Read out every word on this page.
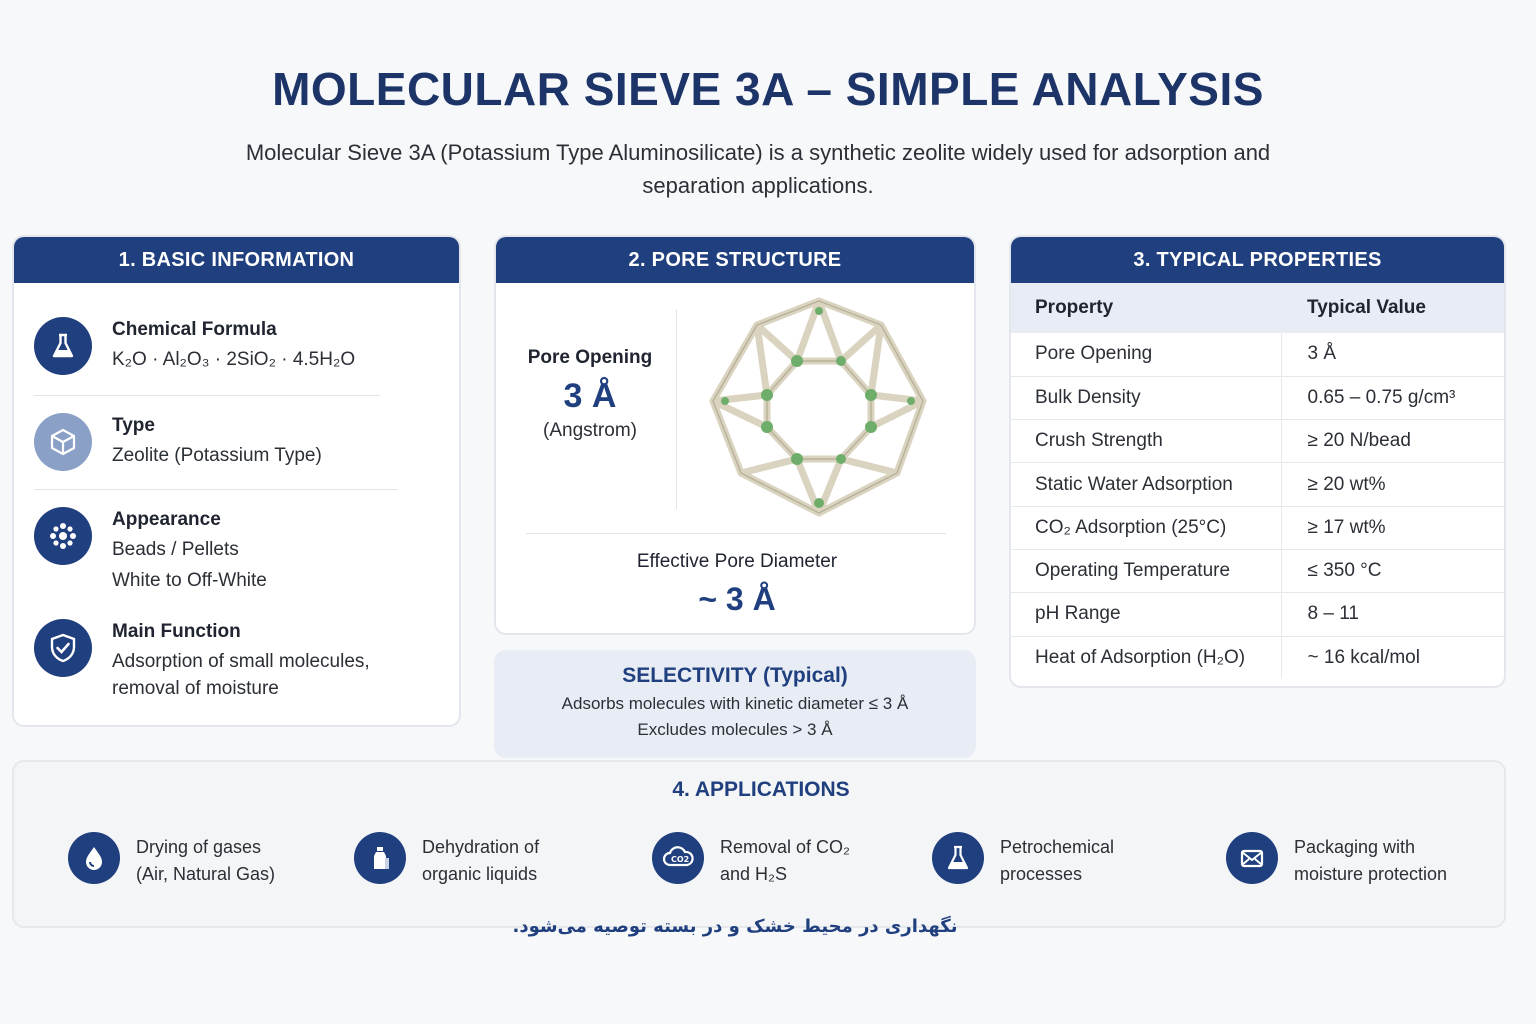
MOLECULAR SIEVE 3A – SIMPLE ANALYSIS
Molecular Sieve 3A (Potassium Type Aluminosilicate) is a synthetic zeolite widely used for adsorption and separation applications.
1. BASIC INFORMATION
Chemical Formula
K₂O · Al₂O₃ · 2SiO₂ · 4.5H₂O
Type
Zeolite (Potassium Type)
Appearance
Beads / Pellets
White to Off-White
Main Function
Adsorption of small molecules,
removal of moisture
2. PORE STRUCTURE
Pore Opening
3 Å
(Angstrom)
Effective Pore Diameter
~ 3 Å
SELECTIVITY (Typical)
Adsorbs molecules with kinetic diameter ≤ 3 Å
Excludes molecules > 3 Å
3. TYPICAL PROPERTIES
Property	Typical Value
Pore Opening	3 Å
Bulk Density	0.65 – 0.75 g/cm³
Crush Strength	≥ 20 N/bead
Static Water Adsorption	≥ 20 wt%
CO₂ Adsorption (25°C)	≥ 17 wt%
Operating Temperature	≤ 350 °C
pH Range	8 – 11
Heat of Adsorption (H₂O)	~ 16 kcal/mol
4. APPLICATIONS
Drying of gases
(Air, Natural Gas)
Dehydration of
organic liquids
CO2
Removal of CO₂
and H₂S
Petrochemical
processes
Packaging with
moisture protection
نگهداری در محیط خشک و در بسته توصیه می‌شود.
